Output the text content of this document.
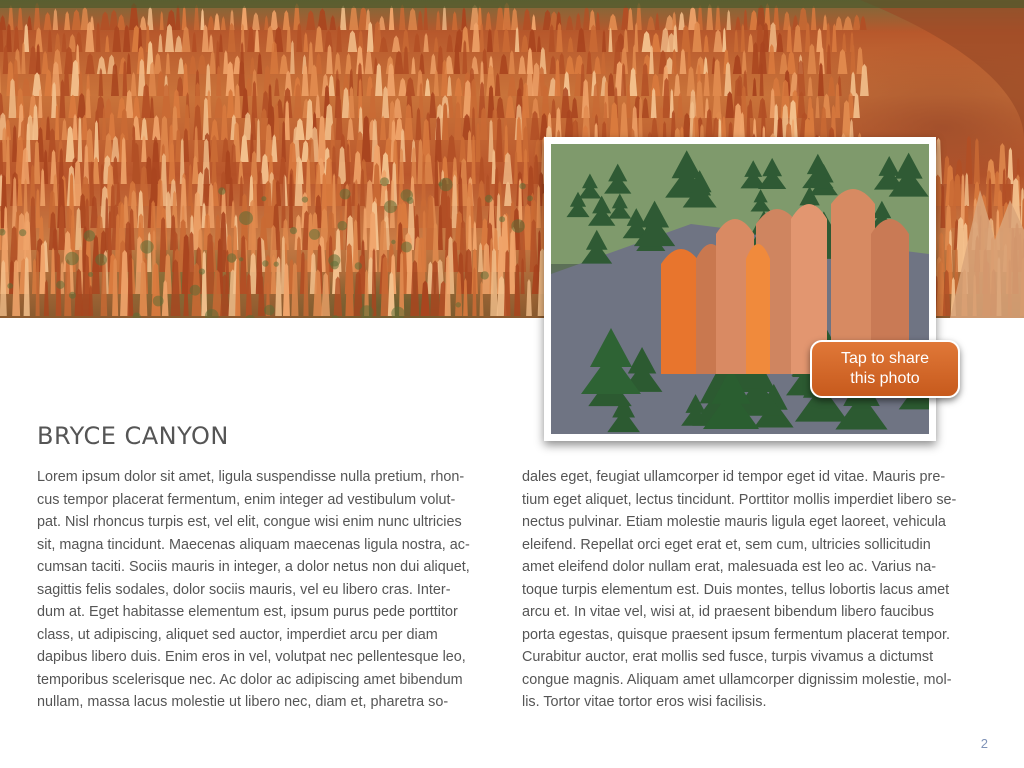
Tap to share
this photo
BRYCE CANYON
Lorem ipsum dolor sit amet, ligula suspendisse nulla pretium, rhon-
cus tempor placerat fermentum, enim integer ad vestibulum volut-
pat. Nisl rhoncus turpis est, vel elit, congue wisi enim nunc ultricies
sit, magna tincidunt. Maecenas aliquam maecenas ligula nostra, ac-
cumsan taciti. Sociis mauris in integer, a dolor netus non dui aliquet,
sagittis felis sodales, dolor sociis mauris, vel eu libero cras. Inter-
dum at. Eget habitasse elementum est, ipsum purus pede porttitor
class, ut adipiscing, aliquet sed auctor, imperdiet arcu per diam
dapibus libero duis. Enim eros in vel, volutpat nec pellentesque leo,
temporibus scelerisque nec. Ac dolor ac adipiscing amet bibendum
nullam, massa lacus molestie ut libero nec, diam et, pharetra so-
dales eget, feugiat ullamcorper id tempor eget id vitae. Mauris pre-
tium eget aliquet, lectus tincidunt. Porttitor mollis imperdiet libero se-
nectus pulvinar. Etiam molestie mauris ligula eget laoreet, vehicula
eleifend. Repellat orci eget erat et, sem cum, ultricies sollicitudin
amet eleifend dolor nullam erat, malesuada est leo ac. Varius na-
toque turpis elementum est. Duis montes, tellus lobortis lacus amet
arcu et. In vitae vel, wisi at, id praesent bibendum libero faucibus
porta egestas, quisque praesent ipsum fermentum placerat tempor.
Curabitur auctor, erat mollis sed fusce, turpis vivamus a dictumst
congue magnis. Aliquam amet ullamcorper dignissim molestie, mol-
lis. Tortor vitae tortor eros wisi facilisis.
2
